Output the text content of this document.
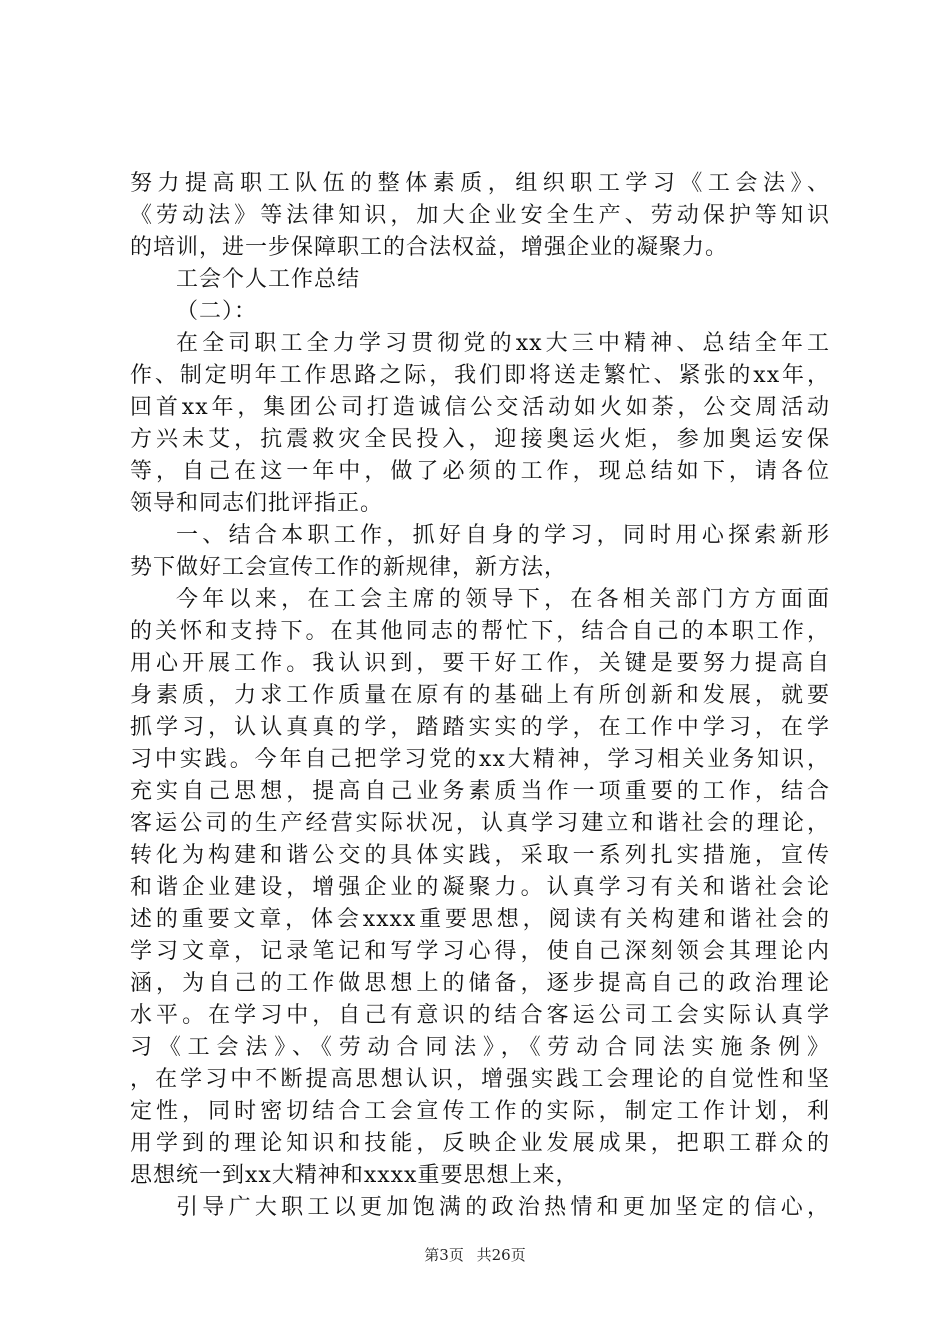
努力提高职工队伍的整体素质，组织职工学习《工会法》、
《劳动法》等法律知识，加大企业安全生产、劳动保护等知识
的培训，进一步保障职工的合法权益，增强企业的凝聚力。
工会个人工作总结
（二）：
在全司职工全力学习贯彻党的xx大三中精神、总结全年工
作、制定明年工作思路之际，我们即将送走繁忙、紧张的xx年，
回首xx年，集团公司打造诚信公交活动如火如荼，公交周活动
方兴未艾，抗震救灾全民投入，迎接奥运火炬，参加奥运安保
等，自己在这一年中，做了必须的工作，现总结如下，请各位
领导和同志们批评指正。
一、结合本职工作，抓好自身的学习，同时用心探索新形
势下做好工会宣传工作的新规律，新方法，
今年以来，在工会主席的领导下，在各相关部门方方面面
的关怀和支持下。在其他同志的帮忙下，结合自己的本职工作，
用心开展工作。我认识到，要干好工作，关键是要努力提高自
身素质，力求工作质量在原有的基础上有所创新和发展，就要
抓学习，认认真真的学，踏踏实实的学，在工作中学习，在学
习中实践。今年自己把学习党的xx大精神，学习相关业务知识，
充实自己思想，提高自己业务素质当作一项重要的工作，结合
客运公司的生产经营实际状况，认真学习建立和谐社会的理论，
转化为构建和谐公交的具体实践，采取一系列扎实措施，宣传
和谐企业建设，增强企业的凝聚力。认真学习有关和谐社会论
述的重要文章，体会xxxx重要思想，阅读有关构建和谐社会的
学习文章，记录笔记和写学习心得，使自己深刻领会其理论内
涵，为自己的工作做思想上的储备，逐步提高自己的政治理论
水平。在学习中，自己有意识的结合客运公司工会实际认真学
习《工会法》、《劳动合同法》，《劳动合同法实施条例》
，在学习中不断提高思想认识，增强实践工会理论的自觉性和坚
定性，同时密切结合工会宣传工作的实际，制定工作计划，利
用学到的理论知识和技能，反映企业发展成果，把职工群众的
思想统一到xx大精神和xxxx重要思想上来，
引导广大职工以更加饱满的政治热情和更加坚定的信心，
第3页 共26页
